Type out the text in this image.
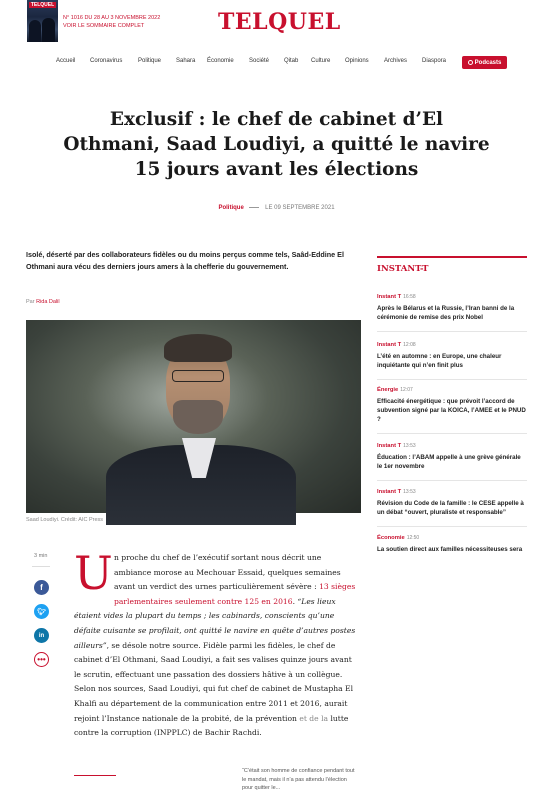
TELQUEL
N° 1016 DU 28 AU 3 NOVEMBRE 2022
VOIR LE SOMMAIRE COMPLET	TELQUEL
Accueil Coronavirus	Politique Sahara Économie	Société Qitab Culture Opinions	Archives Diaspora	Podcasts
Exclusif : le chef de cabinet d’El Othmani, Saad Loudiyi, a quitté le navire 15 jours avant les élections
Politique	LE 09 SEPTEMBRE 2021

Isolé, déserté par des collaborateurs fidèles ou du moins perçus comme tels, Saâd-Eddine El Othmani aura vécu des derniers jours amers à la chefferie du gouvernement.

Par Rida Dalil
Saad Loudiyi. Crédit: AIC Press
3 min
f
🐦︎
in
•••
U n proche du chef de l’exécutif sortant nous décrit une ambiance morose au Mechouar Essaid, quelques semaines avant un verdict des urnes particulièrement sévère : 13 sièges parlementaires seulement contre 125 en 2016. “Les lieux étaient vides la plupart du temps ; les cabinards, conscients qu’une défaite cuisante se profilait, ont quitté le navire en quête d’autres postes ailleurs”, se désole notre source. Fidèle parmi les fidèles, le chef de cabinet d’El Othmani, Saad Loudiyi, a fait ses valises quinze jours avant le scrutin, effectuant une passation des dossiers hâtive à un collègue. Selon nos sources, Saad Loudiyi, qui fut chef de cabinet de Mustapha El Khalfi au département de la communication entre 2011 et 2016, aurait rejoint l’Instance nationale de la probité, de la prévention et de la lutte contre la corruption (INPPLC) de Bachir Rachdi.
“C’était son homme de confiance pendant tout le mandat, mais il n’a pas attendu l’élection pour quitter le...
INSTANT-T
Instant T 16:58
Après le Bélarus et la Russie, l’Iran banni de la cérémonie de remise des prix Nobel
Instant T 12:08
L’été en automne : en Europe, une chaleur inquiétante qui n’en finit plus
Énergie 12:07
Efficacité énergétique : que prévoit l’accord de subvention signé par la KOICA, l’AMEE et le PNUD ?
Instant T 13:53
Éducation : l’ABAM appelle à une grève générale le 1er novembre
Instant T 13:53
Révision du Code de la famille : le CESE appelle à un débat “ouvert, pluraliste et responsable”
Économie 12:50
La soutien direct aux familles nécessiteuses sera
